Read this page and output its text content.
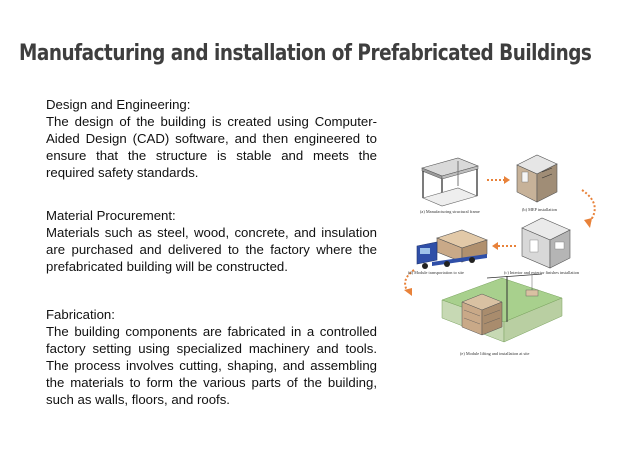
Manufacturing and installation of Prefabricated Buildings
Design and Engineering:

The design of the building is created using Computer-Aided Design (CAD) software, and then engineered to ensure that the structure is stable and meets the required safety standards.

Material Procurement:

Materials such as steel, wood, concrete, and insulation are purchased and delivered to the factory where the prefabricated building will be constructed.

Fabrication:

The building components are fabricated in a controlled factory setting using specialized machinery and tools. The process involves cutting, shaping, and assembling the materials to form the various parts of the building, such as walls, floors, and roofs.

(a) Manufacturing structural frame	(b) MEP installation
(d) Module transportation to site	(c) Interior and exterior finishes installation
(e) Module lifting and installation at site
